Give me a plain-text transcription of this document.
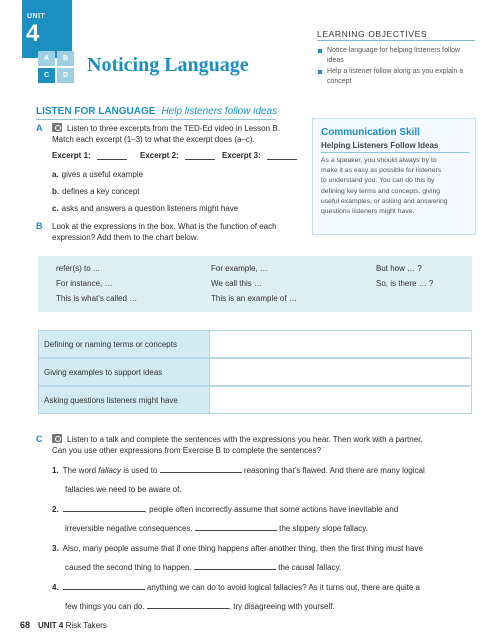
UNIT
4
A	B
C	D Noticing Language
LEARNING OBJECTIVES
Notice language for helping listeners follow ideas
Help a listener follow along as you explain a concept
LISTEN FOR LANGUAGE Help listeners follow ideas
A	Listen to three excerpts from the TED-Ed video in Lesson B.
Match each excerpt (1–3) to what the excerpt does (a–c).
Excerpt 1:	Excerpt 2:	Excerpt 3:
a. gives a useful example
b. defines a key concept
c. asks and answers a question listeners might have
Communication Skill
Helping Listeners Follow Ideas
As a speaker, you should always try to
make it as easy as possible for listeners
to understand you. You can do this by
defining key terms and concepts, giving
useful examples, or asking and answering
questions listeners might have.
B Look at the expressions in the box. What is the function of each
expression? Add them to the chart below.
refer(s) to ...	For example, …	But how … ?
For instance, …	We call this …	So, is there … ?
This is what’s called …	This is an example of …
Defining or naming terms or concepts
Giving examples to support ideas
Asking questions listeners might have
C	Listen to a talk and complete the sentences with the expressions you hear. Then work with a partner.
Can you use other expressions from Exercise B to complete the sentences?
1. The word fallacy is used to	reasoning that’s flawed. And there are many logical
fallacies we need to be aware of.
2.	, people often incorrectly assume that some actions have inevitable and
irreversible negative consequences.	the slippery slope fallacy.
3. Also, many people assume that if one thing happens after another thing, then the first thing must have
caused the second thing to happen.	the causal fallacy.
4.	anything we can do to avoid logical fallacies? As it turns out, there are quite a
few things you can do.	, try disagreeing with yourself.
68 UNIT 4 Risk Takers
